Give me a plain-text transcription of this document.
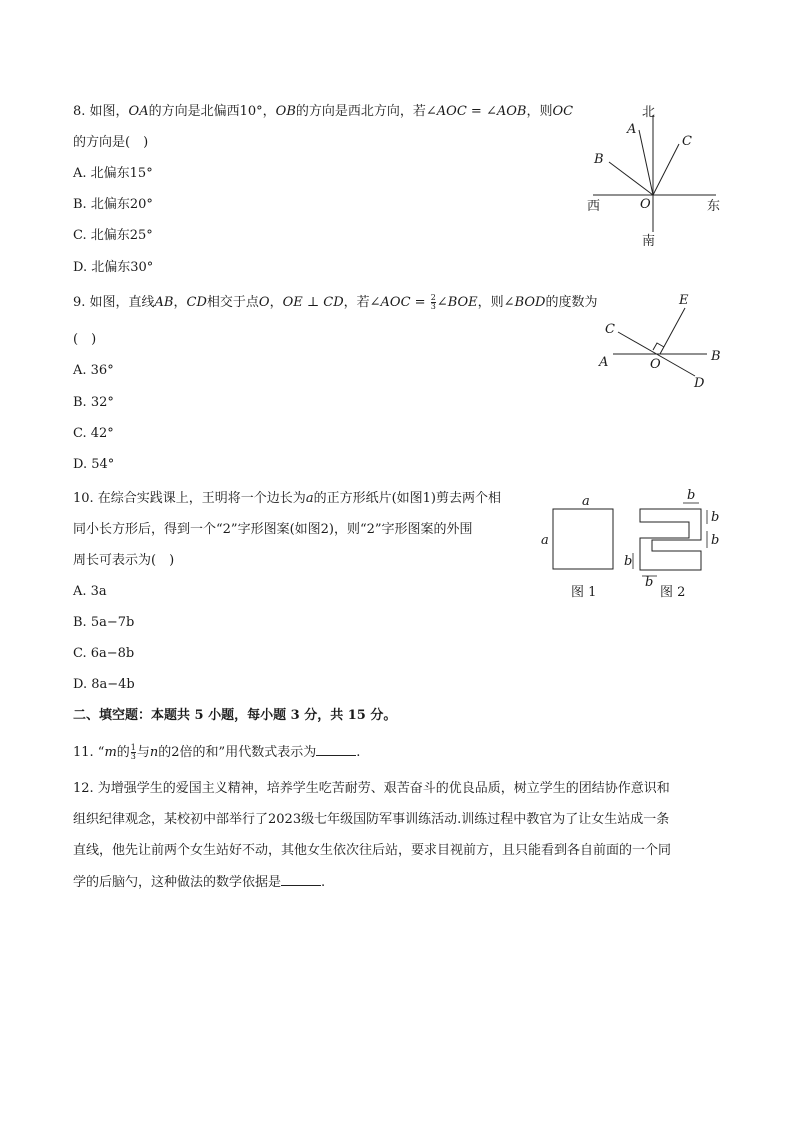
8. 如图，OA的方向是北偏西10°，OB的方向是西北方向，若∠AOC = ∠AOB，则OC
的方向是(　)
A. 北偏东15°
B. 北偏东20°
C. 北偏东25°
D. 北偏东30°
北
南
西	东
A
B
C
O
9. 如图，直线AB，CD相交于点O，OE ⊥ CD，若∠AOC = $\frac{2}{3}$ ∠BOE，则∠BOD的度数为
(　)
A. 36°
B. 32°
C. 42°
D. 54°
E
C
A	B
O
D
10. 在综合实践课上，王明将一个边长为a的正方形纸片(如图1)剪去两个相
同小长方形后，得到一个“2”字形图案(如图2)，则“2”字形图案的外围
周长可表示为(　)
A. 3a
B. 5a−7b
C. 6a−8b
D. 8a−4b
a
a
图 1
b
b
b
b
b
图 2
二、填空题：本题共 5 小题，每小题 3 分，共 15 分。
11. “m的 $\frac{1}{3}$ 与n的2倍的和”用代数式表示为	.
12. 为增强学生的爱国主义精神，培养学生吃苦耐劳、艰苦奋斗的优良品质，树立学生的团结协作意识和
组织纪律观念，某校初中部举行了2023级七年级国防军事训练活动.训练过程中教官为了让女生站成一条
直线，他先让前两个女生站好不动，其他女生依次往后站，要求目视前方，且只能看到各自前面的一个同
学的后脑勺，这种做法的数学依据是	.
